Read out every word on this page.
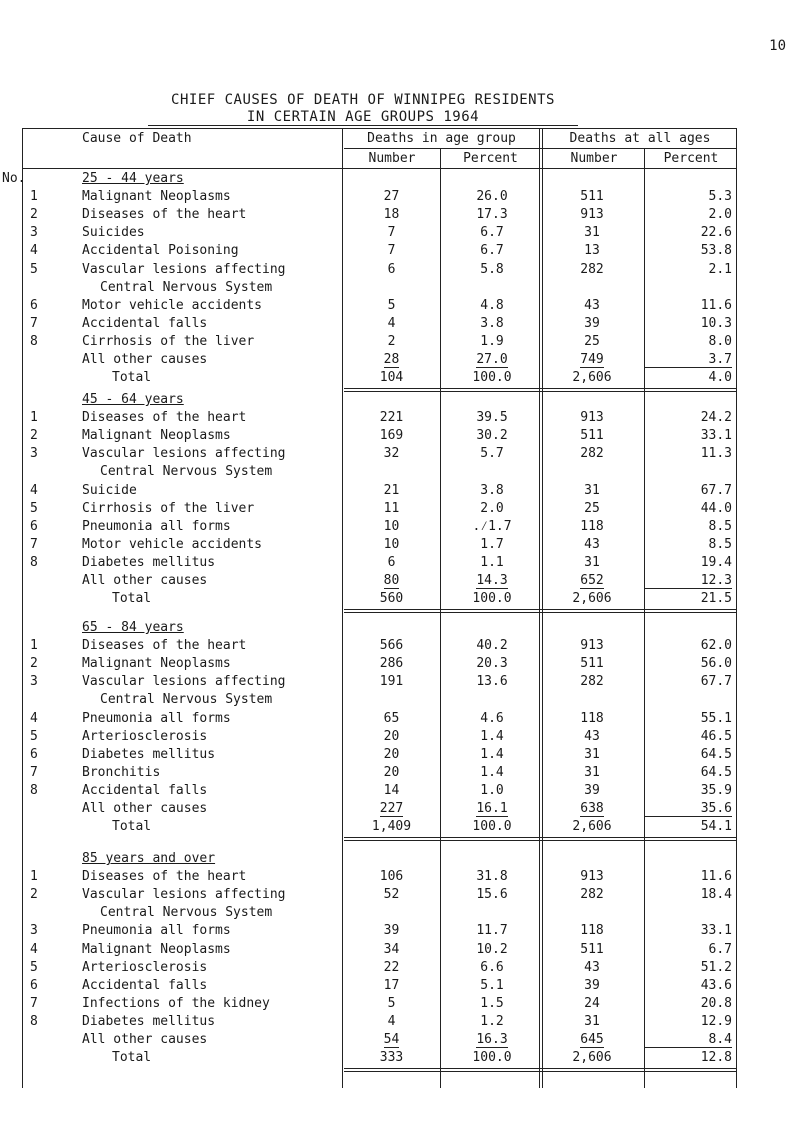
10
CHIEF CAUSES OF DEATH OF WINNIPEG RESIDENTS
IN CERTAIN AGE GROUPS 1964
Cause of Death	Deaths in age group	Deaths at all ages
Number	Percent	Number	Percent
No.	25 - 44 years
1	Malignant Neoplasms	27	26.0	511	5.3
2	Diseases of the heart	18	17.3	913	2.0
3	Suicides	7	6.7	31	22.6
4	Accidental Poisoning	7	6.7	13	53.8
5	Vascular lesions affecting	6	5.8	282	2.1
Central Nervous System
6	Motor vehicle accidents	5	4.8	43	11.6
7	Accidental falls	4	3.8	39	10.3
8	Cirrhosis of the liver	2	1.9	25	8.0
All other causes	28	27.0	749	3.7
Total	104	100.0	2,606	4.0
45 - 64 years
1	Diseases of the heart	221	39.5	913	24.2
2	Malignant Neoplasms	169	30.2	511	33.1
3	Vascular lesions affecting	32	5.7	282	11.3
Central Nervous System
4	Suicide	21	3.8	31	67.7
5	Cirrhosis of the liver	11	2.0	25	44.0
6	Pneumonia all forms	10	.⁄1.7	118	8.5
7	Motor vehicle accidents	10	1.7	43	8.5
8	Diabetes mellitus	6	1.1	31	19.4
All other causes	80	14.3	652	12.3
Total	560	100.0	2,606	21.5
65 - 84 years
1	Diseases of the heart	566	40.2	913	62.0
2	Malignant Neoplasms	286	20.3	511	56.0
3	Vascular lesions affecting	191	13.6	282	67.7
Central Nervous System
4	Pneumonia all forms	65	4.6	118	55.1
5	Arteriosclerosis	20	1.4	43	46.5
6	Diabetes mellitus	20	1.4	31	64.5
7	Bronchitis	20	1.4	31	64.5
8	Accidental falls	14	1.0	39	35.9
All other causes	227	16.1	638	35.6
Total	1,409	100.0	2,606	54.1
85 years and over
1	Diseases of the heart	106	31.8	913	11.6
2	Vascular lesions affecting	52	15.6	282	18.4
Central Nervous System
3	Pneumonia all forms	39	11.7	118	33.1
4	Malignant Neoplasms	34	10.2	511	6.7
5	Arteriosclerosis	22	6.6	43	51.2
6	Accidental falls	17	5.1	39	43.6
7	Infections of the kidney	5	1.5	24	20.8
8	Diabetes mellitus	4	1.2	31	12.9
All other causes	54	16.3	645	8.4
Total	333	100.0	2,606	12.8
